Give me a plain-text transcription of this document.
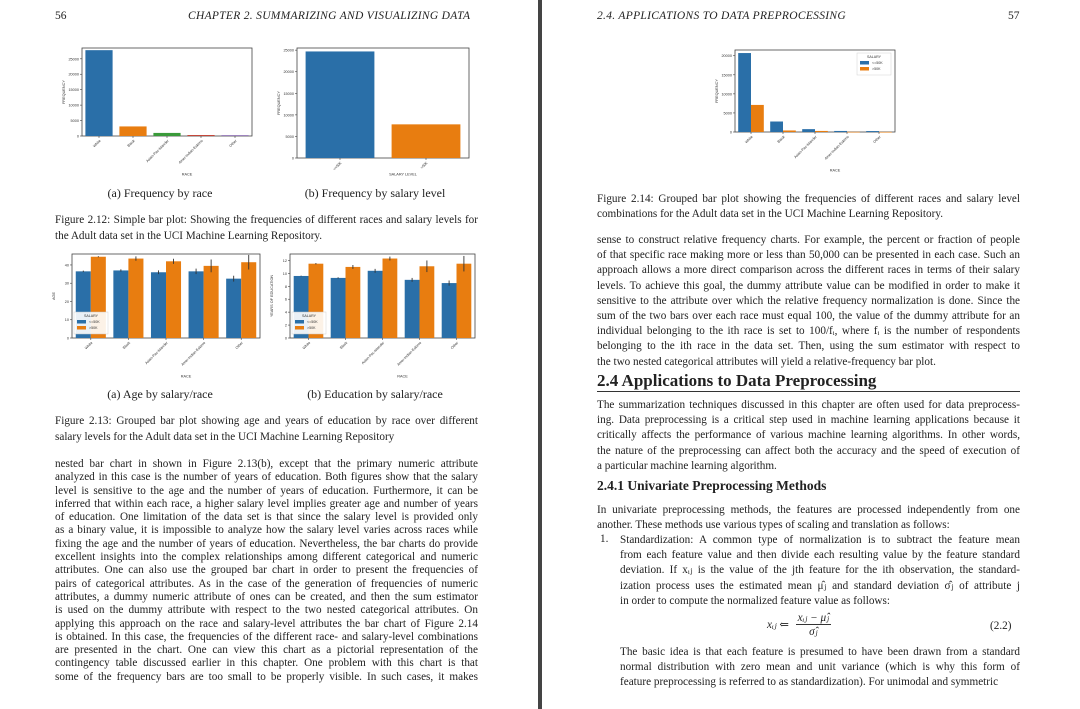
56	CHAPTER 2. SUMMARIZING AND VISUALIZING DATA
0
5000
10000
15000
20000
25000
FREQUENCY
White	Black	Asian-Pac-Islander Amer-Indian-Eskimo	Other
RACE
0
5000
10000
15000
20000
25000
FREQUENCY
<=50K	>50K
SALARY LEVEL
(a) Frequency by race	(b) Frequency by salary level
Figure 2.12: Simple bar plot: Showing the frequencies of different races and salary levels for
the Adult data set in the UCI Machine Learning Repository.
0
10
20
30
40
AGE
White	Black	Asian-Pac-Islander	Amer-Indian-Eskimo	Other
RACE
SALARY
<=50K
>50K
0
2
4
6
8
10
12
YEARS OF EDUCATION
White	Black	Asian-Pac-Islander	Amer-Indian-Eskimo	Other
RACE
SALARY
<=50K
>50K
(a) Age by salary/race	(b) Education by salary/race
Figure 2.13: Grouped bar plot showing age and years of education by race over different
salary levels for the Adult data set in the UCI Machine Learning Repository
nested bar chart in shown in Figure 2.13(b), except that the primary numeric attribute
analyzed in this case is the number of years of education. Both figures show that the salary
level is sensitive to the age and the number of years of education. Furthermore, it can be
inferred that within each race, a higher salary level implies greater age and number of years
of education. One limitation of the data set is that since the salary level is provided only
as a binary value, it is impossible to analyze how the salary level varies across races while
fixing the age and the number of years of education. Nevertheless, the bar charts do provide
excellent insights into the complex relationships among different categorical and numeric
attributes. One can also use the grouped bar chart in order to present the frequencies of
pairs of categorical attributes. As in the case of the generation of frequencies of numeric
attributes, a dummy numeric attribute of ones can be created, and then the sum estimator
is used on the dummy attribute with respect to the two nested categorical attributes. On
applying this approach on the race and salary-level attributes the bar chart of Figure 2.14
is obtained. In this case, the frequencies of the different race- and salary-level combinations
are presented in the chart. One can view this chart as a pictorial representation of the
contingency table discussed earlier in this chapter. One problem with this chart is that
some of the frequency bars are too small to be properly visible. In such cases, it makes
2.4. APPLICATIONS TO DATA PREPROCESSING	57
0
5000
10000
15000
20000
FREQUENCY
White	Black Asian-Pac-Islander Amer-Indian-Eskimo	Other
RACE
SALARY
<=50K
>50K
Figure 2.14: Grouped bar plot showing the frequencies of different races and salary level
combinations for the Adult data set in the UCI Machine Learning Repository.
sense to construct relative frequency charts. For example, the percent or fraction of people
of that specific race making more or less than 50,000 can be presented in each case. Such an
approach allows a more direct comparison across the different races in terms of their salary
levels. To achieve this goal, the dummy attribute value can be modified in order to make it
sensitive to the attribute over which the relative frequency normalization is done. Since the
sum of the two bars over each race must equal 100, the value of the dummy attribute for an
individual belonging to the ith race is set to 100/fᵢ, where fᵢ is the number of respondents
belonging to the ith race in the data set. Then, using the sum estimator with respect to
the two nested categorical attributes will yield a relative-frequency bar plot.
2.4 Applications to Data Preprocessing
The summarization techniques discussed in this chapter are often used for data preprocess-
ing. Data preprocessing is a critical step used in machine learning applications because it
critically affects the performance of various machine learning algorithms. In other words,
the nature of the preprocessing can affect both the accuracy and the speed of execution of
a particular machine learning algorithm.
2.4.1 Univariate Preprocessing Methods
In univariate preprocessing methods, the features are processed independently from one
another. These methods use various types of scaling and translation as follows:
1. Standardization: A common type of normalization is to subtract the feature mean
from each feature value and then divide each resulting value by the feature standard
deviation. If xᵢⱼ is the value of the jth feature for the ith observation, the standard-
ization process uses the estimated mean μ̂ⱼ and standard deviation σ̂ⱼ of attribute j
in order to compute the normalized feature value as follows:
xᵢⱼ ⇐
xᵢⱼ − μ̂ⱼ
σ̂ⱼ	(2.2)
The basic idea is that each feature is presumed to have been drawn from a standard
normal distribution with zero mean and unit variance (which is why this form of
feature preprocessing is referred to as standardization). For unimodal and symmetric
